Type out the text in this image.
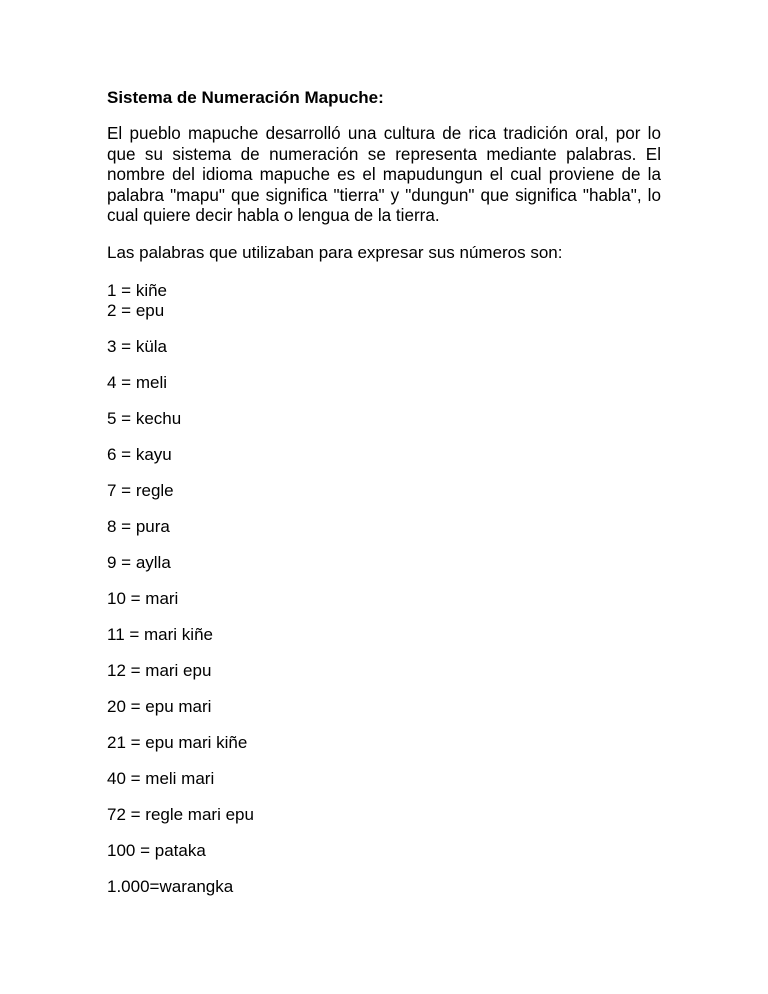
Sistema de Numeración Mapuche:

El pueblo mapuche desarrolló una cultura de rica tradición oral, por lo que su sistema de numeración se representa mediante palabras. El nombre del idioma mapuche es el mapudungun el cual proviene de la palabra "mapu" que significa "tierra" y "dungun" que significa "habla", lo cual quiere decir habla o lengua de la tierra.

Las palabras que utilizaban para expresar sus números son:

1 = kiñe
2 = epu
3 = küla
4 = meli
5 = kechu
6 = kayu
7 = regle
8 = pura
9 = aylla
10 = mari
11 = mari kiñe
12 = mari epu
20 = epu mari
21 = epu mari kiñe
40 = meli mari
72 = regle mari epu
100 = pataka
1.000=warangka
